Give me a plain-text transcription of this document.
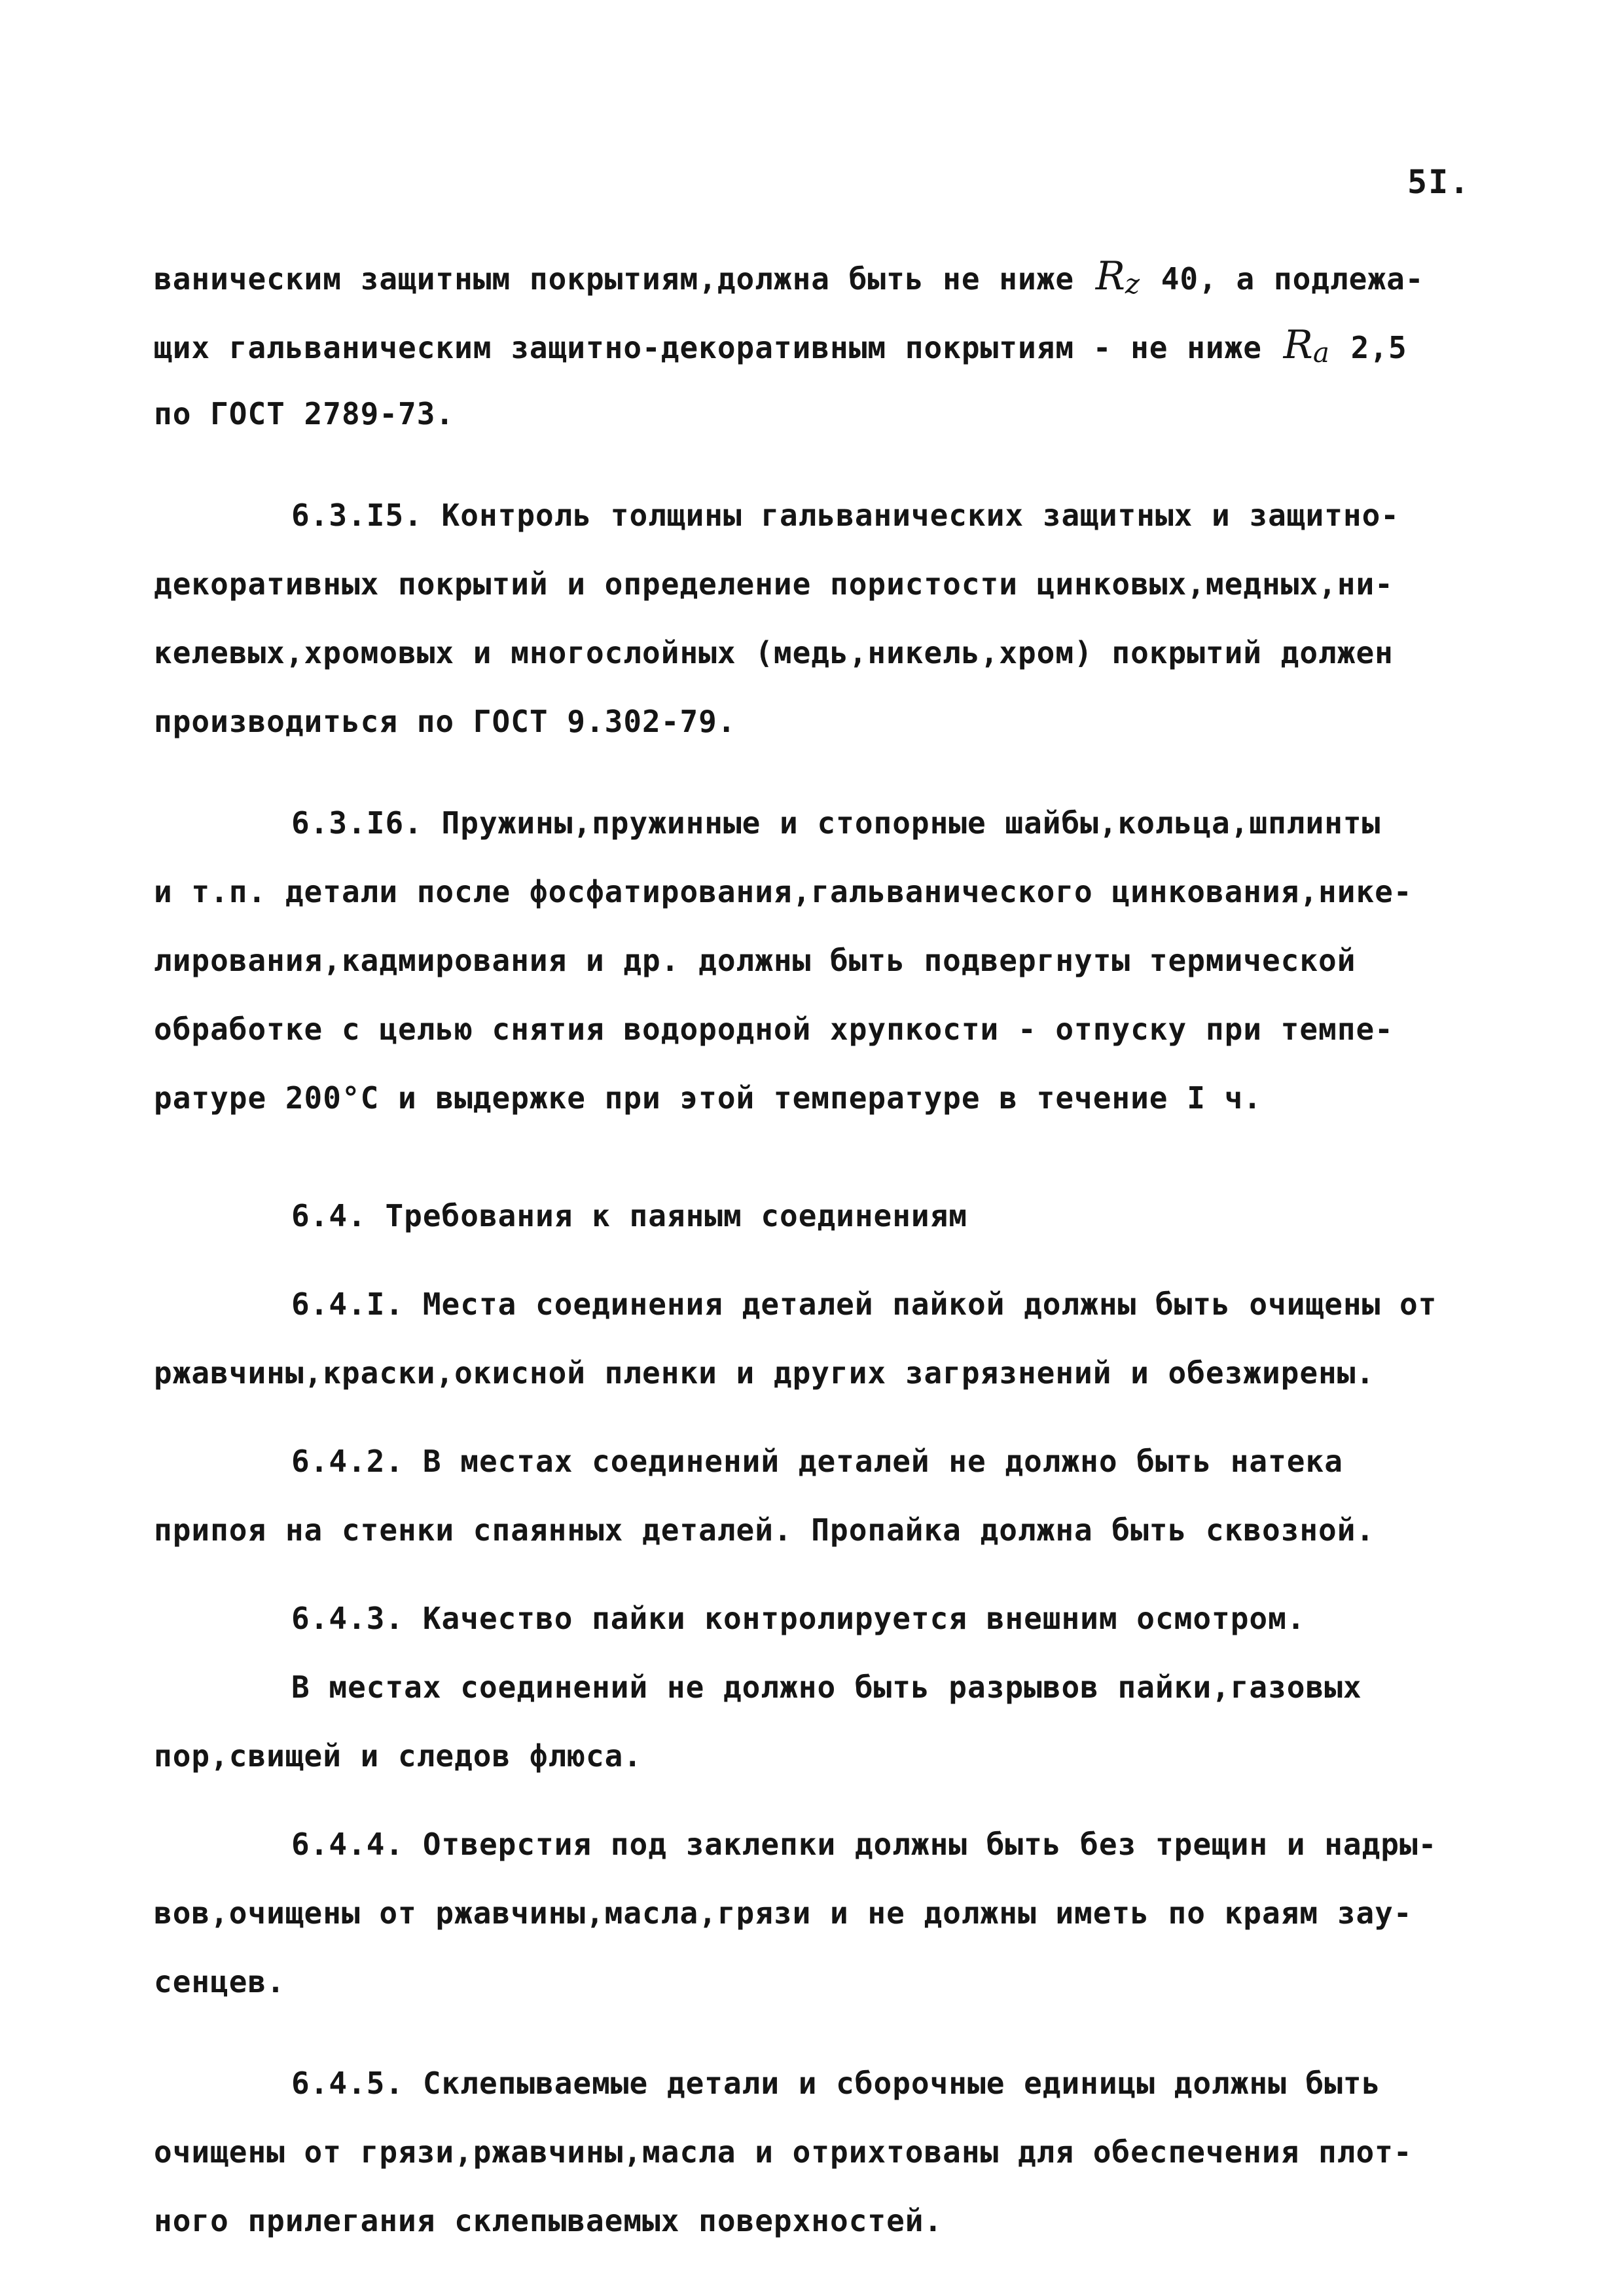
5I.
ваническим защитным покрытиям,должна быть не ниже $R_z$ 40, а подлежа-
щих гальваническим защитно-декоративным покрытиям - не ниже $R_a$ 2,5
по ГОСТ 2789-73.
6.3.I5. Контроль толщины гальванических защитных и защитно-
декоративных покрытий и определение пористости цинковых,медных,ни-
келевых,хромовых и многослойных (медь,никель,хром) покрытий должен
производиться по ГОСТ 9.302-79.
6.3.I6. Пружины,пружинные и стопорные шайбы,кольца,шплинты
и т.п. детали после фосфатирования,гальванического цинкования,нике-
лирования,кадмирования и др. должны быть подвергнуты термической
обработке с целью снятия водородной хрупкости - отпуску при темпе-
ратуре 200°С и выдержке при этой температуре в течение I ч.
6.4. Требования к паяным соединениям
6.4.I. Места соединения деталей пайкой должны быть очищены от
ржавчины,краски,окисной пленки и других загрязнений и обезжирены.
6.4.2. В местах соединений деталей не должно быть натека
припоя на стенки спаянных деталей. Пропайка должна быть сквозной.
6.4.3. Качество пайки контролируется внешним осмотром.
В местах соединений не должно быть разрывов пайки,газовых
пор,свищей и следов флюса.
6.4.4. Отверстия под заклепки должны быть без трещин и надры-
вов,очищены от ржавчины,масла,грязи и не должны иметь по краям зау-
сенцев.
6.4.5. Склепываемые детали и сборочные единицы должны быть
очищены от грязи,ржавчины,масла и отрихтованы для обеспечения плот-
ного прилегания склепываемых поверхностей.
